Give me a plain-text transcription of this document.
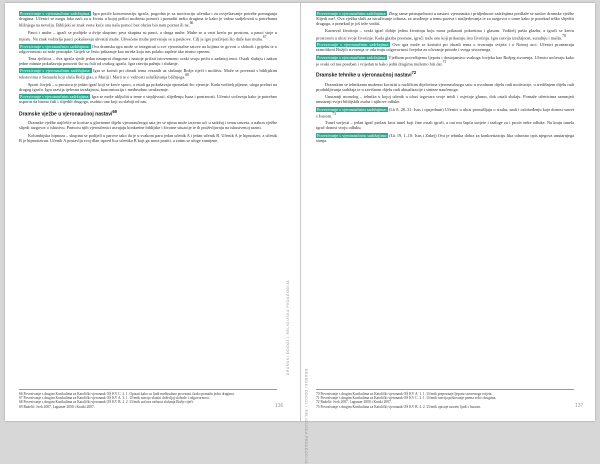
Povezivanje s vjeronaučnim sadržajima: Igra potiče koncentraciju igrača, pogodna je za motivaciju učenika i za osvještavanje potrebe pomaganja drugima. Učenici se mogu lako naći za u životu u kojoj prilici možemo pomoći i ponuditi nešto drugima te kako je važno sudjelovati u potrebama bližnjega na nevolju. Biblijski se znak svete kuće ona naša pomoć bez obzira bio nam poznat ili ne.$^{66}$

Pauci i muhe – igrači se podijele u dvije skupine; prva skupina su pauci, a druga muhe. Muhe se u vatri kreću po prostoru, a pauci stoje u mjestu. Na znak voditelja pauci pokušavaju uhvatiti muhe. Uhvaćene muhe pretvaraju se u paukove. Cilj je igre preživjeti što duže kao muha.$^{67}$

Povezivanje s vjeronaučnim sadržajima: Ova dramska igra može se integrirati u sve vjeronaučne satove na kojima se govori o slobodi i grijehu te o odgovornosti za naše postupke. Grijeh se često prikazuje kao mreža koja nas polako zaplete ako nismo oprezni.

Tena rječitica – dva igrača sjede jedan nasuprot drugome i nastoje pričati istovremeno svaki svoju priču o zadanoj temi. Ostali slušaju i nakon jedne minute pokušavaju ponoviti što su čuli od svakog igrača. Igra razvija pažnju i slušanje.

Povezivanje s vjeronaučnim sadržajima: Igra se koristi pri obradi tema vezanih uz slušanje Božje riječi i molitvu. Može se povezati s biblijskim tekstovima o Samuelu koji sluša Božji glas, o Mariji i Marti te o važnosti osluškivanja bližnjega.$^{68}$

Sporii čovjek – u prostoru je jedan igrač koji se kreće sporo, a ostali ga pokušavaju oponašati što vjernije. Kada voditelj pljesne, uloga prelazi na drugog igrača. Igra razvija tjelesnu izražajnost, koncentraciju i međusobno uvažavanje.

Povezivanje s vjeronaučnim sadržajima: Igra se može uključiti u teme o strpljivosti, slijeđenju Isusa i poniznosti. Učenici uočavaju kako je potrebno usporiti da bismo čuli i slijedili drugoga, osobito one koji su slabiji od nas.

Dramske vježbe u vjeronaučnoj nastavi$^{69}$

Dramske vježbe najčešće se koriste u glavnome dijelu vjeronaučnoga sata jer se njima može izravno ući u sadržaj i temu susreta, a nakon vježbe slijedi razgovor o iskustvu. Pomoću njih vjeroučenici usvajaju konkretne biblijske i životne situacije te ih proživljavaju na iskustvenoj razini.

Kolumbijska hipnoza – skupina se podijeli u parove tako da je u svakom paru jedan učenik A i jedan učenik B. Učenik A je hipnotizer, a učenik B je hipnotiziran. Učenik A postavlja svoj dlan ispred lica učenika B koji ga mora pratiti, a zatim se uloge zamijene.

66 Povezivanje s drugim Kurikulima za Katolički vjeronauk OŠ KV C. 2. 1. Opisati kako su ljudi međusobno povezani i kako pomažu jedni drugima.

67 Povezivanje s drugim Kurikulima za Katolički vjeronauk OŠ KV A. 3. 1. Učenik razvija vlastiti doživljaj slobode i odgovornosti.

68 Povezivanje s drugim Kurikulima za Katolički vjeronauk OŠ KV B. 2. 2. Učenik uočava važnost slušanja Božje riječi.

69 Radelić: Ivek 2007, Lagumer 2000 i Kratki 2007.	136
DRAMSKI ODGOJ I RELIGIJSKA PEDAGOGIJA

Povezivanje s vjeronaučnim sadržajima: Zbog same pristupačnosti u nastavi vjeronauka i pridjednosti sadržajima predlaže se naslov dramske vježbe Slijedi me!. Ova vježba služi za istraživanje odnosa, za uvođenje u temu poziva i nasljedovanja te za razgovor o tome kako je ponekad teško slijediti drugoga, a ponekad je još teže voditi.

Karneval životinja – svaki igrač dobije jednu životinju koju mora prikazati pokretima i glasom. Voditelj pušta glazbu, a igrači se kreću prostorom u ulozi svoje životinje. Kada glazba prestane, igrači traže one koji prikazuju istu životinju. Igra razvija izražajnost, suradnju i maštu.$^{70}$

Povezivanje s vjeronaučnim sadržajima: Ova igra može se koristiti pri obradi tema o stvaranju svijeta i o Noinoj arci. Učenici promatraju raznolikost Božjih stvorenja te otkrivaju odgovornost čovjeka za očuvanje prirode i svega stvorenoga.

Povezivanje s vjeronaučnim sadržajima: Vježbom potvrđujemo ljepotu i dostojanstvo svakoga čovjeka kao Božjeg stvorenja. Učenici uočavaju kako je svaki od nas poseban i vrijedan te kako jedni drugima možemo biti dar.$^{71}$

Dramske tehnike u vjeronaučnoj nastavi$^{72}$

Dramskim se tehnikama možemo koristiti u različitim dijelovima vjeronaučnoga sata: u uvodnom dijelu radi motivacije, u središnjem dijelu radi produbljivanja sadržaja te u završnom dijelu radi aktualizacije i sinteze naučenoga.

Unutarnji monolog – tehnika u kojoj učenik u ulozi izgovara svoje misli i osjećaje glasno, dok ostali slušaju. Pomaže učenicima razumjeti unutarnji svijet biblijskih osoba i njihove odluke.

Povezivanje s vjeronaučnim sadržajima: (Lk 8, 28–31: Isus i opsjednuti) Učenici u ulozi promišljaju o strahu, nadi i oslobođenju koje donosi susret s Isusom.$^{73}$

Tunel savjesti – jedan igrač prolazi kroz tunel koji čine ostali igrači, a oni mu šapću savjete i razloge za i protiv neke odluke. Na kraju tunela igrač donosi svoju odluku.

Povezivanje s vjeronaučnim sadržajima: (Lk 19, 1–10: Isus i Zakej) Ova je tehnika dobra za konkretizaciju lika odnosno opis njegova unutarnjega stanja.

70 Povezivanje s drugim Kurikulima za Katolički vjeronauk OŠ KV A. 1. 1. Učenik prepoznaje ljepotu stvorenoga svijeta.

71 Povezivanje s drugim Kurikulima za Katolički vjeronauk OŠ KV C. 3. 1. Učenik razvija poštovanje prema sebi i drugima.

72 Radelić: Ivek 2007, Lagumer 2000 i Kratki 2007.

73 Povezivanje s drugim Kurikulima za Katolički vjeronauk OŠ KV B. 4. 2. Učenik opisuje susrete ljudi s Isusom.	137
DRAMSKI ODGOJ I RELIGIJSKA PEDAGOGIJA
